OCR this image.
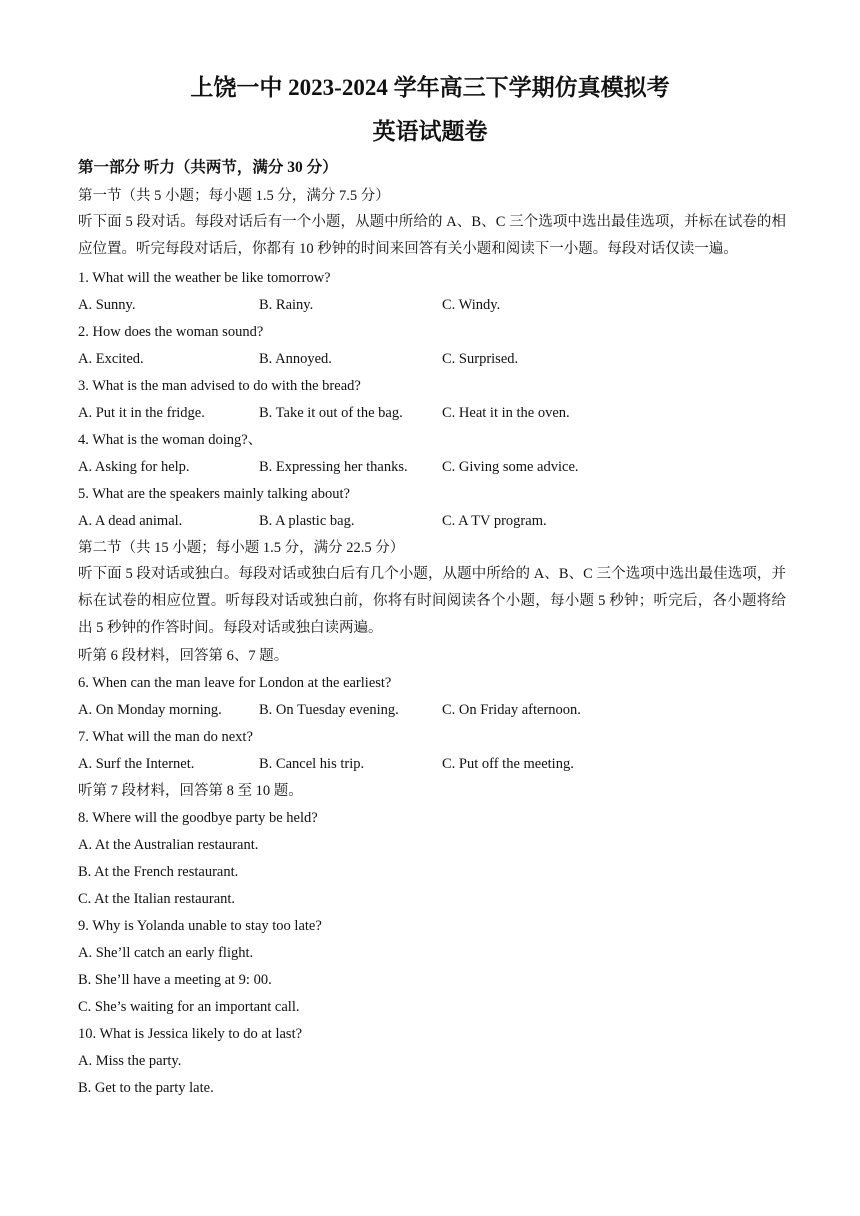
上饶一中 2023-2024 学年高三下学期仿真模拟考
英语试题卷
第一部分 听力（共两节，满分 30 分）
第一节（共 5 小题；每小题 1.5 分，满分 7.5 分）
听下面 5 段对话。每段对话后有一个小题，从题中所给的 A、B、C 三个选项中选出最佳选项，并标在试卷的相应位置。听完每段对话后，你都有 10 秒钟的时间来回答有关小题和阅读下一小题。每段对话仅读一遍。
1. What will the weather be like tomorrow?
A. Sunny.	B. Rainy.	C. Windy.
2. How does the woman sound?
A. Excited.	B. Annoyed.	C. Surprised.
3. What is the man advised to do with the bread?
A. Put it in the fridge.	B. Take it out of the bag.	C. Heat it in the oven.
4. What is the woman doing?、
A. Asking for help.	B. Expressing her thanks. C. Giving some advice.
5. What are the speakers mainly talking about?
A. A dead animal.	B. A plastic bag.	C. A TV program.
第二节（共 15 小题；每小题 1.5 分，满分 22.5 分）
听下面 5 段对话或独白。每段对话或独白后有几个小题，从题中所给的 A、B、C 三个选项中选出最佳选项，并标在试卷的相应位置。听每段对话或独白前，你将有时间阅读各个小题，每小题 5 秒钟；听完后，各小题将给出 5 秒钟的作答时间。每段对话或独白读两遍。
听第 6 段材料，回答第 6、7 题。
6. When can the man leave for London at the earliest?
A. On Monday morning.	B. On Tuesday evening.	C. On Friday afternoon.
7. What will the man do next?
A. Surf the Internet.	B. Cancel his trip.	C. Put off the meeting.
听第 7 段材料，回答第 8 至 10 题。
8. Where will the goodbye party be held?
A. At the Australian restaurant.
B. At the French restaurant.
C. At the Italian restaurant.
9. Why is Yolanda unable to stay too late?
A. She’ll catch an early flight.
B. She’ll have a meeting at 9: 00.
C. She’s waiting for an important call.
10. What is Jessica likely to do at last?
A. Miss the party.
B. Get to the party late.
